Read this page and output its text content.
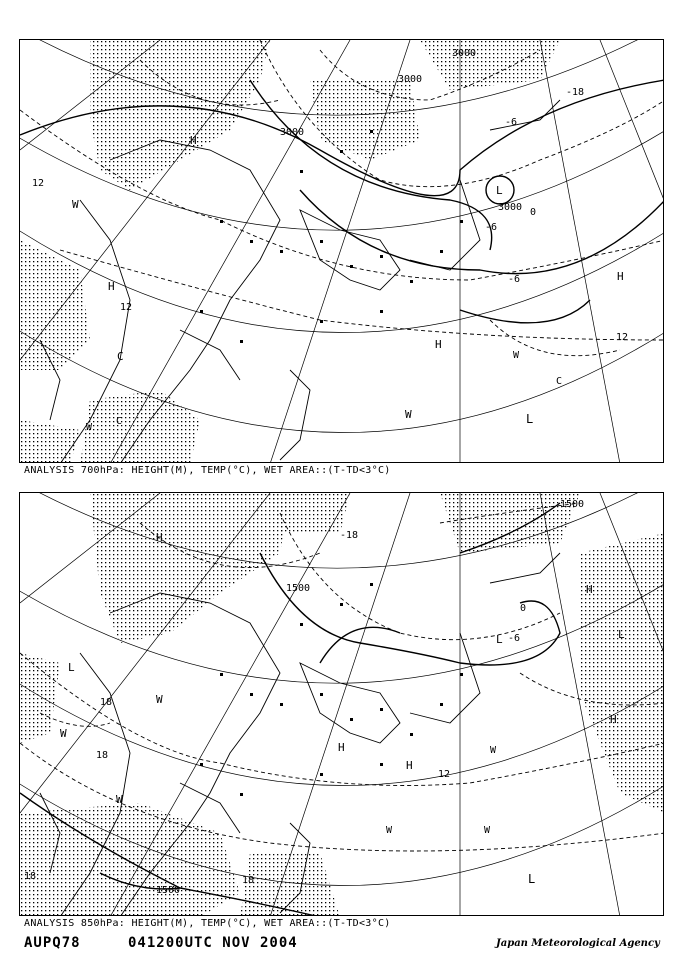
3000
3000
3000
3000
-6
-6
-6
-18
0
12
12
12
H
H
H
H
L
L
W
W
W
W
C
C
C
ANALYSIS 700hPa: HEIGHT(M), TEMP(°C), WET AREA::(T-TD<3°C)
1500
1500
1500
18
18
18	18
12
-6
0
-18
H
H
H
H
H
L
L	L
L
W
W
W
W
W
W
ANALYSIS 850hPa: HEIGHT(M), TEMP(°C), WET AREA::(T-TD<3°C)
AUPQ78	041200UTC NOV 2004	Japan Meteorological Agency
